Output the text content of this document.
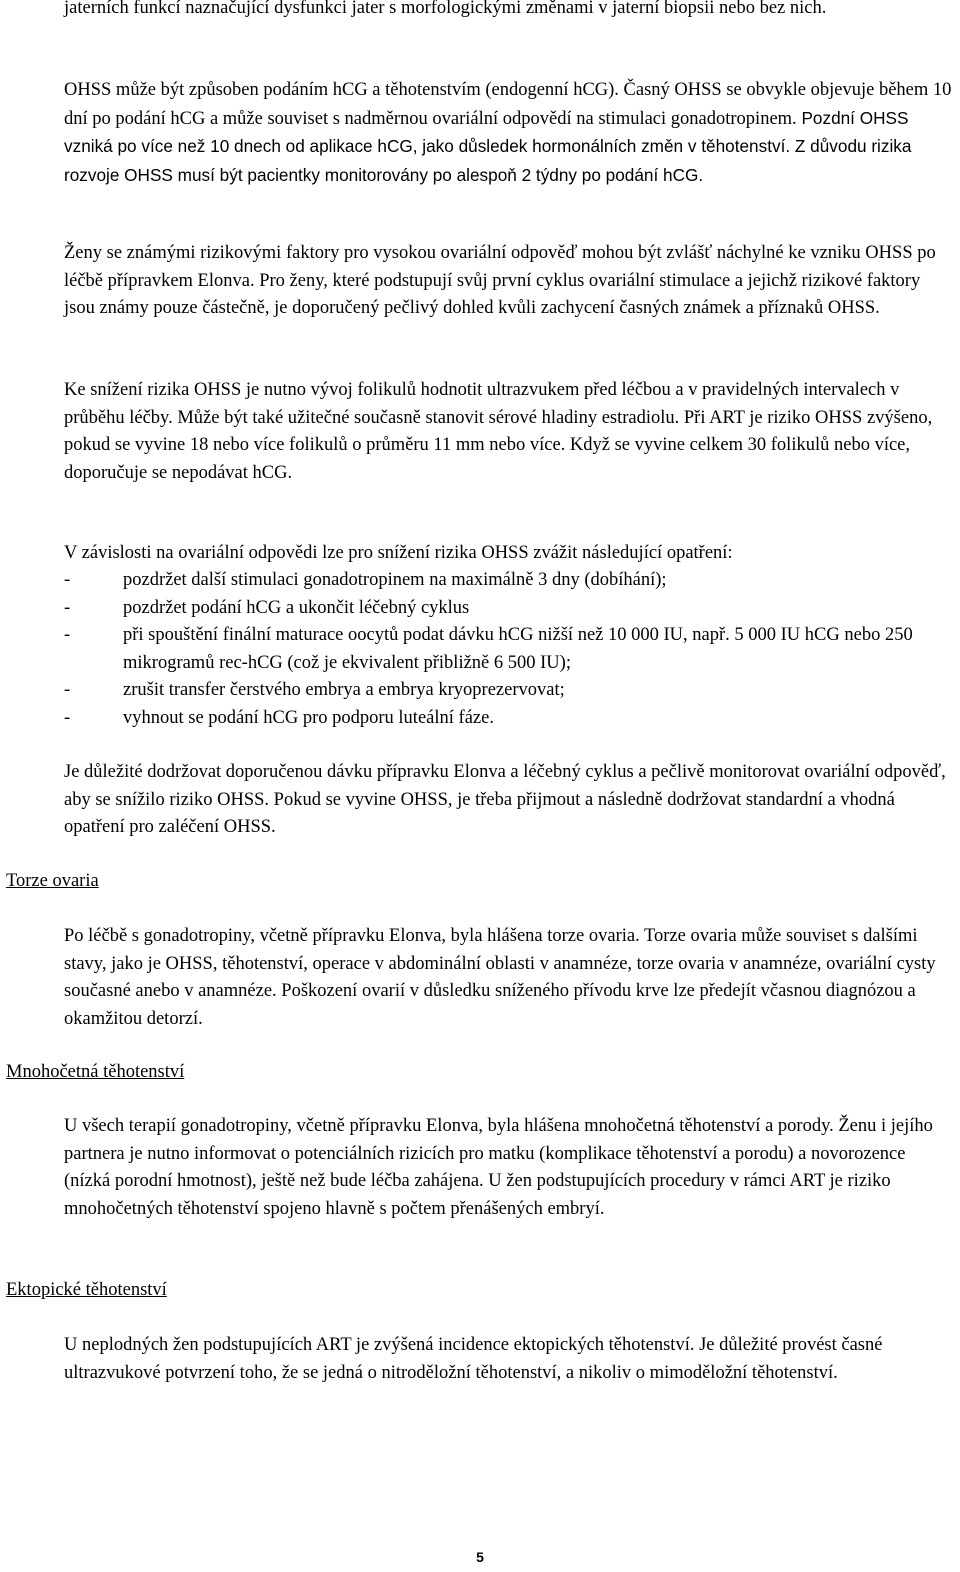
jaterních funkcí naznačující dysfunkci jater s morfologickými změnami v jaterní biopsii nebo bez nich.

OHSS může být způsoben podáním hCG a těhotenstvím (endogenní hCG). Časný OHSS se obvykle objevuje během 10 dní po podání hCG a může souviset s nadměrnou ovariální odpovědí na stimulaci gonadotropinem. Pozdní OHSS vzniká po více než 10 dnech od aplikace hCG, jako důsledek hormonálních změn v těhotenství. Z důvodu rizika rozvoje OHSS musí být pacientky monitorovány po alespoň 2 týdny po podání hCG.

Ženy se známými rizikovými faktory pro vysokou ovariální odpověď mohou být zvlášť náchylné ke vzniku OHSS po léčbě přípravkem Elonva. Pro ženy, které podstupují svůj první cyklus ovariální stimulace a jejichž rizikové faktory jsou známy pouze částečně, je doporučený pečlivý dohled kvůli zachycení časných známek a příznaků OHSS.

Ke snížení rizika OHSS je nutno vývoj folikulů hodnotit ultrazvukem před léčbou a v pravidelných intervalech v průběhu léčby. Může být také užitečné současně stanovit sérové hladiny estradiolu. Při ART je riziko OHSS zvýšeno, pokud se vyvine 18 nebo více folikulů o průměru 11 mm nebo více. Když se vyvine celkem 30 folikulů nebo více, doporučuje se nepodávat hCG.

V závislosti na ovariální odpovědi lze pro snížení rizika OHSS zvážit následující opatření:

-	pozdržet další stimulaci gonadotropinem na maximálně 3 dny (dobíhání);
-	pozdržet podání hCG a ukončit léčebný cyklus
-	při spouštění finální maturace oocytů podat dávku hCG nižší než 10 000 IU, např. 5 000 IU hCG nebo 250 mikrogramů rec-hCG (což je ekvivalent přibližně 6 500 IU);
-	zrušit transfer čerstvého embrya a embrya kryoprezervovat;
-	vyhnout se podání hCG pro podporu luteální fáze.

Je důležité dodržovat doporučenou dávku přípravku Elonva a léčebný cyklus a pečlivě monitorovat ovariální odpověď, aby se snížilo riziko OHSS. Pokud se vyvine OHSS, je třeba přijmout a následně dodržovat standardní a vhodná opatření pro zaléčení OHSS.

Torze ovaria

Po léčbě s gonadotropiny, včetně přípravku Elonva, byla hlášena torze ovaria. Torze ovaria může souviset s dalšími stavy, jako je OHSS, těhotenství, operace v abdominální oblasti v anamnéze, torze ovaria v anamnéze, ovariální cysty současné anebo v anamnéze. Poškození ovarií v důsledku sníženého přívodu krve lze předejít včasnou diagnózou a okamžitou detorzí.

Mnohočetná těhotenství

U všech terapií gonadotropiny, včetně přípravku Elonva, byla hlášena mnohočetná těhotenství a porody. Ženu i jejího partnera je nutno informovat o potenciálních rizicích pro matku (komplikace těhotenství a porodu) a novorozence (nízká porodní hmotnost), ještě než bude léčba zahájena. U žen podstupujících procedury v rámci ART je riziko mnohočetných těhotenství spojeno hlavně s počtem přenášených embryí.

Ektopické těhotenství

U neplodných žen podstupujících ART je zvýšená incidence ektopických těhotenství. Je důležité provést časné ultrazvukové potvrzení toho, že se jedná o nitroděložní těhotenství, a nikoliv o mimoděložní těhotenství.

5
